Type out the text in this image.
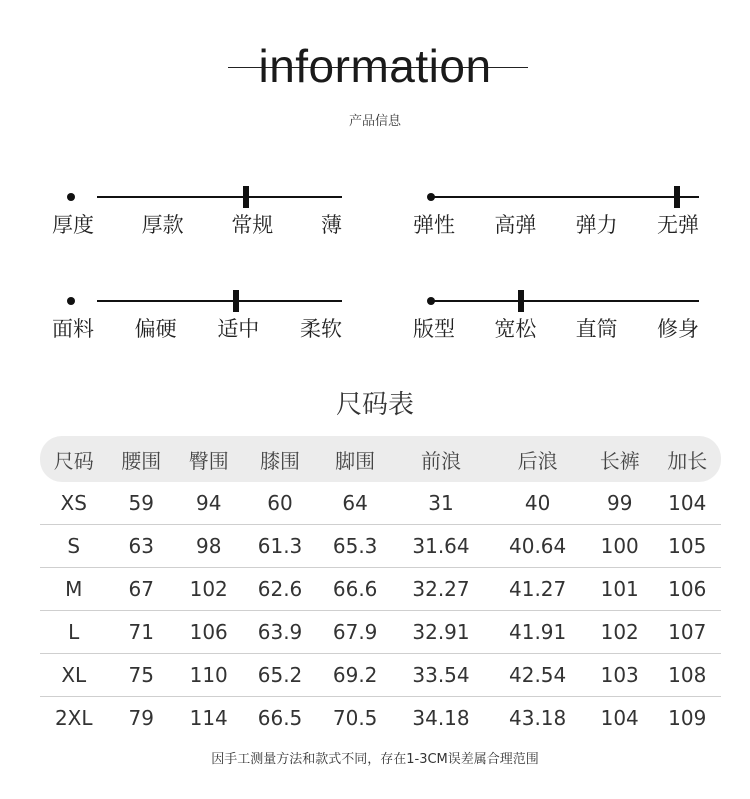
information
产品信息
厚度 厚款 常规 薄	弹性 高弹 弹力 无弹
面料 偏硬 适中 柔软	版型 宽松 直筒 修身
尺码表
尺码	腰围	臀围	膝围	脚围	前浪	后浪	长裤	加长
XS	59	94	60	64	31	40	99	104
S	63	98	61.3	65.3	31.64	40.64	100	105
M	67	102	62.6	66.6	32.27	41.27	101	106
L	71	106	63.9	67.9	32.91	41.91	102	107
XL	75	110	65.2	69.2	33.54	42.54	103	108
2XL	79	114	66.5	70.5	34.18	43.18	104	109
因手工测量方法和款式不同，存在1-3CM误差属合理范围
